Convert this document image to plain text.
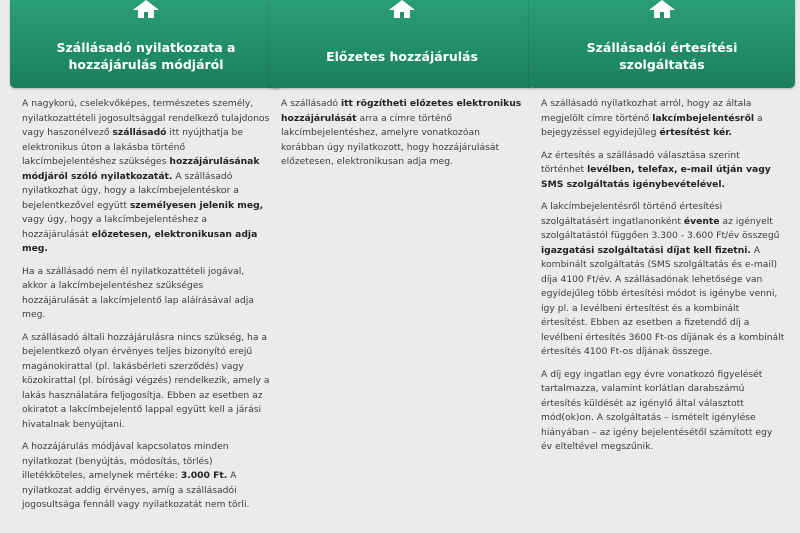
Szállásadó nyilatkozata a hozzájárulás módjáról

A nagykorú, cselekvőképes, természetes személy, nyilatkozattételi jogosultsággal rendelkező tulajdonos vagy haszonélvező szállásadó itt nyújthatja be elektronikus úton a lakásba történő lakcímbejelentéshez szükséges hozzájárulásának módjáról szóló nyilatkozatát. A szállásadó nyilatkozhat úgy, hogy a lakcímbejelentéskor a bejelentkezővel együtt személyesen jelenik meg, vagy úgy, hogy a lakcímbejelentéshez a hozzájárulását előzetesen, elektronikusan adja meg.

Ha a szállásadó nem él nyilatkozattételi jogával, akkor a lakcímbejelentéshez szükséges hozzájárulását a lakcímjelentő lap aláírásával adja meg.

A szállásadó általi hozzájárulásra nincs szükség, ha a bejelentkező olyan érvényes teljes bizonyító erejű magánokirattal (pl. lakásbérleti szerződés) vagy közokirattal (pl. bírósági végzés) rendelkezik, amely a lakás használatára feljogosítja. Ebben az esetben az okiratot a lakcímbejelentő lappal együtt kell a járási hivatalnak benyújtani.

A hozzájárulás módjával kapcsolatos minden nyilatkozat (benyújtás, módosítás, törlés) illetékköteles, amelynek mértéke: 3.000 Ft. A nyilatkozat addig érvényes, amíg a szállásadói jogosultsága fennáll vagy nyilatkozatát nem törli.

Előzetes hozzájárulás

A szállásadó itt rögzítheti előzetes elektronikus hozzájárulását arra a címre történő lakcímbejelentéshez, amelyre vonatkozóan korábban úgy nyilatkozott, hogy hozzájárulását előzetesen, elektronikusan adja meg.

Szállásadói értesítési szolgáltatás

A szállásadó nyilatkozhat arról, hogy az általa megjelölt címre történő lakcímbejelentésről a bejegyzéssel egyidejűleg értesítést kér.

Az értesítés a szállásadó választása szerint történhet levélben, telefax, e-mail útján vagy SMS szolgáltatás igénybevételével.

A lakcímbejelentésről történő értesítési szolgáltatásért ingatlanonként évente az igényelt szolgáltatástól függően 3.300 - 3.600 Ft/év összegű igazgatási szolgáltatási díjat kell fizetni. A kombinált szolgáltatás (SMS szolgáltatás és e-mail) díja 4100 Ft/év. A szállásadónak lehetősége van egyidejűleg több értesítési módot is igénybe venni, így pl. a levélbeni értesítést és a kombinált értesítést. Ebben az esetben a fizetendő díj a levélbeni értesítés 3600 Ft-os díjának és a kombinált értesítés 4100 Ft-os díjának összege.

A díj egy ingatlan egy évre vonatkozó figyelését tartalmazza, valamint korlátlan darabszámú értesítés küldését az igénylő által választott mód(ok)on. A szolgáltatás – ismételt igénylése hiányában – az igény bejelentésétől számított egy év elteltével megszűnik.
